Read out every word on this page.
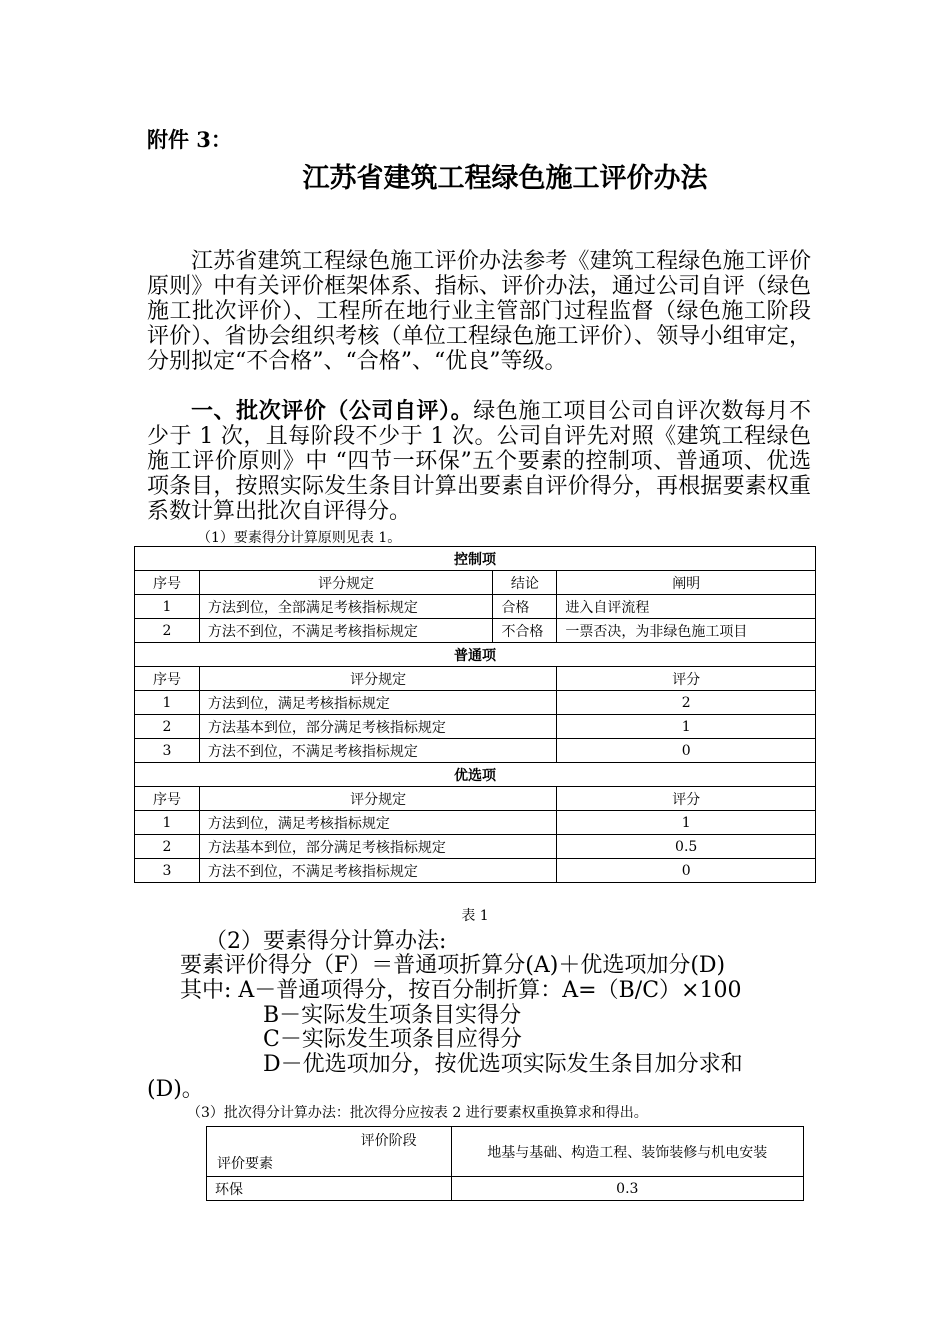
附件 3：
江苏省建筑工程绿色施工评价办法
江苏省建筑工程绿色施工评价办法参考《建筑工程绿色施工评价原则》中有关评价框架体系、指标、评价办法，通过公司自评（绿色施工批次评价）、工程所在地行业主管部门过程监督（绿色施工阶段评价）、省协会组织考核（单位工程绿色施工评价）、领导小组审定，分别拟定“不合格”、“合格”、“优良”等级。
一、批次评价（公司自评）。绿色施工项目公司自评次数每月不少于 1 次，且每阶段不少于 1 次。公司自评先对照《建筑工程绿色施工评价原则》中 “四节一环保”五个要素的控制项、普通项、优选项条目，按照实际发生条目计算出要素自评价得分，再根据要素权重系数计算出批次自评得分。
（1）要素得分计算原则见表 1。
控制项			
序号	评分规定	结论	阐明
1	方法到位，全部满足考核指标规定	合格	进入自评流程
2	方法不到位，不满足考核指标规定	不合格	一票否决，为非绿色施工项目
普通项			
序号	评分规定		评分
1	方法到位，满足考核指标规定		2
2	方法基本到位，部分满足考核指标规定		1
3	方法不到位，不满足考核指标规定		0
优选项			
序号	评分规定		评分
1	方法到位，满足考核指标规定		1
2	方法基本到位，部分满足考核指标规定		0.5
3	方法不到位，不满足考核指标规定		0
表 1
（2）要素得分计算办法:
要素评价得分（F）＝普通项折算分(A)＋优选项加分(D)
其中: A－普通项得分，按百分制折算：A=（B/C）×100
B－实际发生项条目实得分
C－实际发生项条目应得分
D－优选项加分，按优选项实际发生条目加分求和
(D)。
（3）批次得分计算办法：批次得分应按表 2 进行要素权重换算求和得出。
评价阶段
评价要素	地基与基础、构造工程、装饰装修与机电安装
环保	0.3
